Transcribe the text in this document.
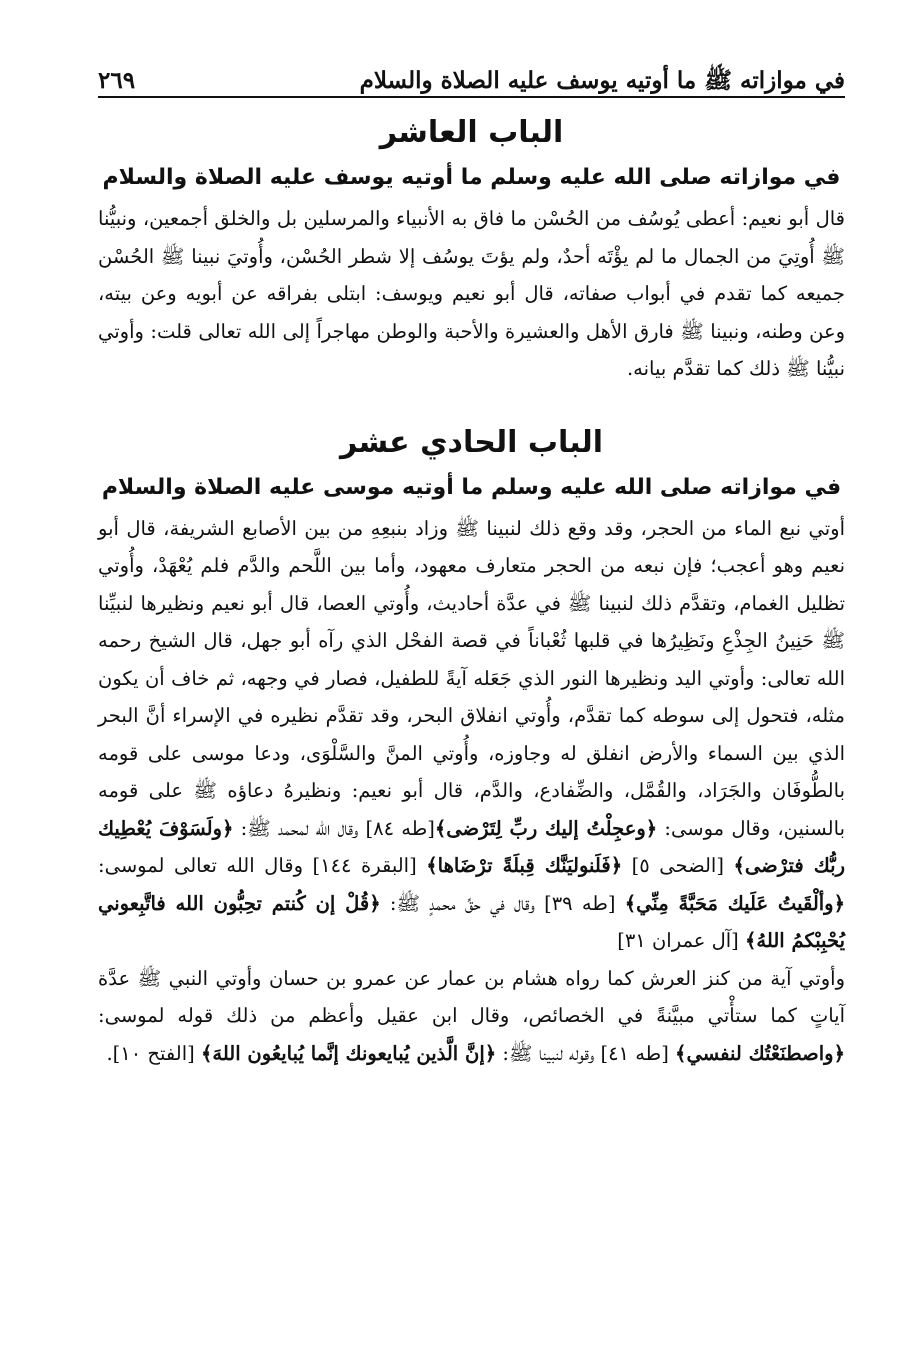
في موازاته ﷺ ما أوتيه يوسف عليه الصلاة والسلام
٢٦٩
الباب العاشر
في موازاته صلى الله عليه وسلم ما أوتيه يوسف عليه الصلاة والسلام

قال أبو نعيم: أعطى يُوسُف من الحُسْن ما فاق به الأنبياء والمرسلين بل والخلق أجمعين، ونبيُّنا ﷺ أُوتِيَ من الجمال ما لم يؤْتَه أحدٌ، ولم يؤتَ يوسُف إلا شطر الحُسْن، وأُوتيَ نبينا ﷺ الحُسْن جميعه كما تقدم في أبواب صفاته، قال أبو نعيم ويوسف: ابتلى بفراقه عن أبويه وعن بيته، وعن وطنه، ونبينا ﷺ فارق الأهل والعشيرة والأحبة والوطن مهاجراً إلى الله تعالى قلت: وأوتي نبيُّنا ﷺ ذلك كما تقدَّم بيانه.

الباب الحادي عشر
في موازاته صلى الله عليه وسلم ما أوتيه موسى عليه الصلاة والسلام

أوتي نبع الماء من الحجر، وقد وقع ذلك لنبينا ﷺ وزاد بنبعِهِ من بين الأصابع الشريفة، قال أبو نعيم وهو أعجب؛ فإن نبعه من الحجر متعارف معهود، وأما بين اللَّحم والدَّم فلم يُعْهَدْ، وأُوتي تظليل الغمام، وتقدَّم ذلك لنبينا ﷺ في عدَّة أحاديث، وأُوتي العصا، قال أبو نعيم ونظيرها لنبيِّنا ﷺ حَنِينُ الجِذْعِ ونَظِيرُها في قلبها ثُعْباناً في قصة الفحْل الذي رآه أبو جهل، قال الشيخ رحمه الله تعالى: وأوتي اليد ونظيرها النور الذي جَعَله آيةً للطفيل، فصار في وجهه، ثم خاف أن يكون مثله، فتحول إلى سوطه كما تقدَّم، وأُوتي انفلاق البحر، وقد تقدَّم نظيره في الإسراء أنَّ البحر الذي بين السماء والأرض انفلق له وجاوزه، وأُوتي المنَّ والسَّلْوَى، ودعا موسى على قومه بالطُّوفَان والجَرَاد، والقُمَّل، والضِّفادع، والدَّم، قال أبو نعيم: ونظيرهُ دعاؤه ﷺ على قومه بالسنين، وقال موسى: ﴿وعجِلْتُ إليك ربِّ لِتَرْضى﴾[طه ٨٤] وقال الله لمحمد ﷺ: ﴿ولَسَوْفَ يُعْطِيك ربُّك فترْضى﴾ [الضحى ٥] ﴿فَلَنوليَنَّك قِبلَةً ترْضَاها﴾ [البقرة ١٤٤] وقال الله تعالى لموسى: ﴿وألْقَيتُ عَلَيك مَحَبَّةً مِنِّي﴾ [طه ٣٩] وقال في حقِّ محمدٍ ﷺ: ﴿قُلْ إن كُنتم تحِبُّون الله فاتَّبِعوني يُحْبِبْكمُ اللهُ﴾ [آل عمران ٣١]

وأوتي آية من كنز العرش كما رواه هشام بن عمار عن عمرو بن حسان وأوتي النبي ﷺ عدَّة آياتٍ كما ستأْتي مبيَّنةً في الخصائص، وقال ابن عقيل وأعظم من ذلك قوله لموسى: ﴿واصطنَعْتُك لنفسي﴾ [طه ٤١] وقوله لنبينا ﷺ: ﴿إنَّ الَّذين يُبايعونك إنَّما يُبايعُون اللهَ﴾ [الفتح ١٠].
